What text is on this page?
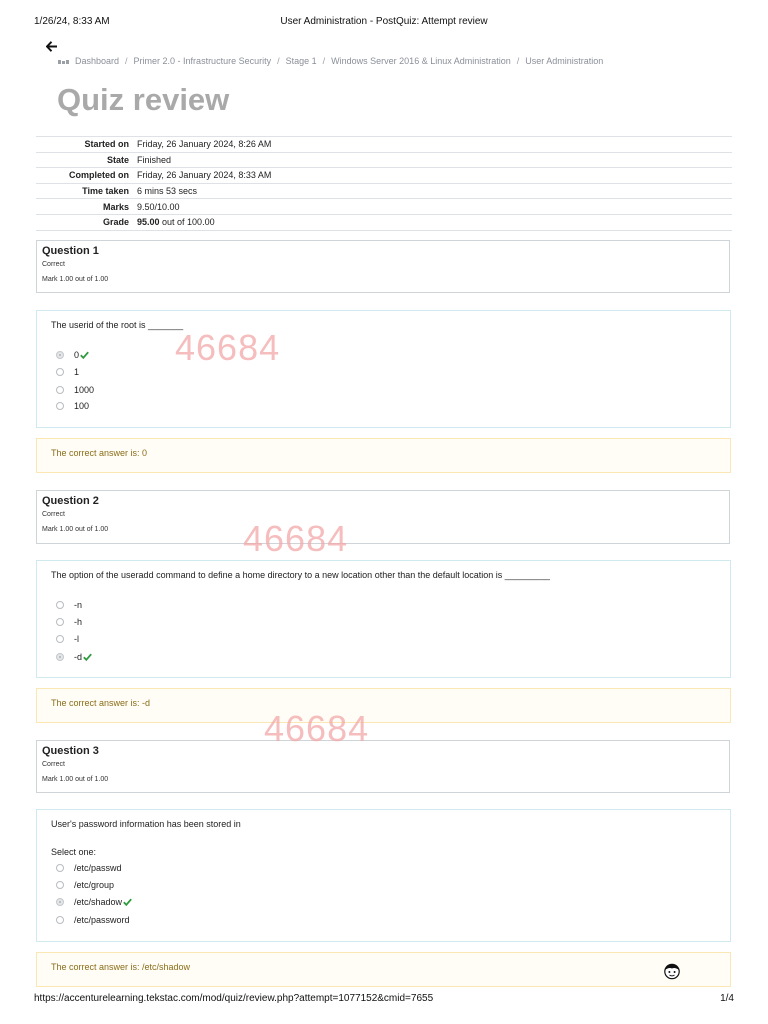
1/26/24, 8:33 AM	User Administration - PostQuiz: Attempt review
Dashboard / Primer 2.0 - Infrastructure Security / Stage 1 / Windows Server 2016 & Linux Administration / User Administration
Quiz review
Started on	Friday, 26 January 2024, 8:26 AM
State	Finished
Completed on	Friday, 26 January 2024, 8:33 AM
Time taken	6 mins 53 secs
Marks	9.50/10.00
Grade	95.00 out of 100.00
Question 1
Correct
Mark 1.00 out of 1.00
The userid of the root is _______
0
1
1000
100
The correct answer is: 0
Question 2
Correct
Mark 1.00 out of 1.00
The option of the useradd command to define a home directory to a new location other than the default location is _________
-n
-h
-l
-d
The correct answer is: -d
Question 3
Correct
Mark 1.00 out of 1.00
User's password information has been stored in
Select one:
/etc/passwd
/etc/group
/etc/shadow
/etc/password
The correct answer is: /etc/shadow
46684
46684
46684
https://accenturelearning.tekstac.com/mod/quiz/review.php?attempt=1077152&cmid=7655	1/4
